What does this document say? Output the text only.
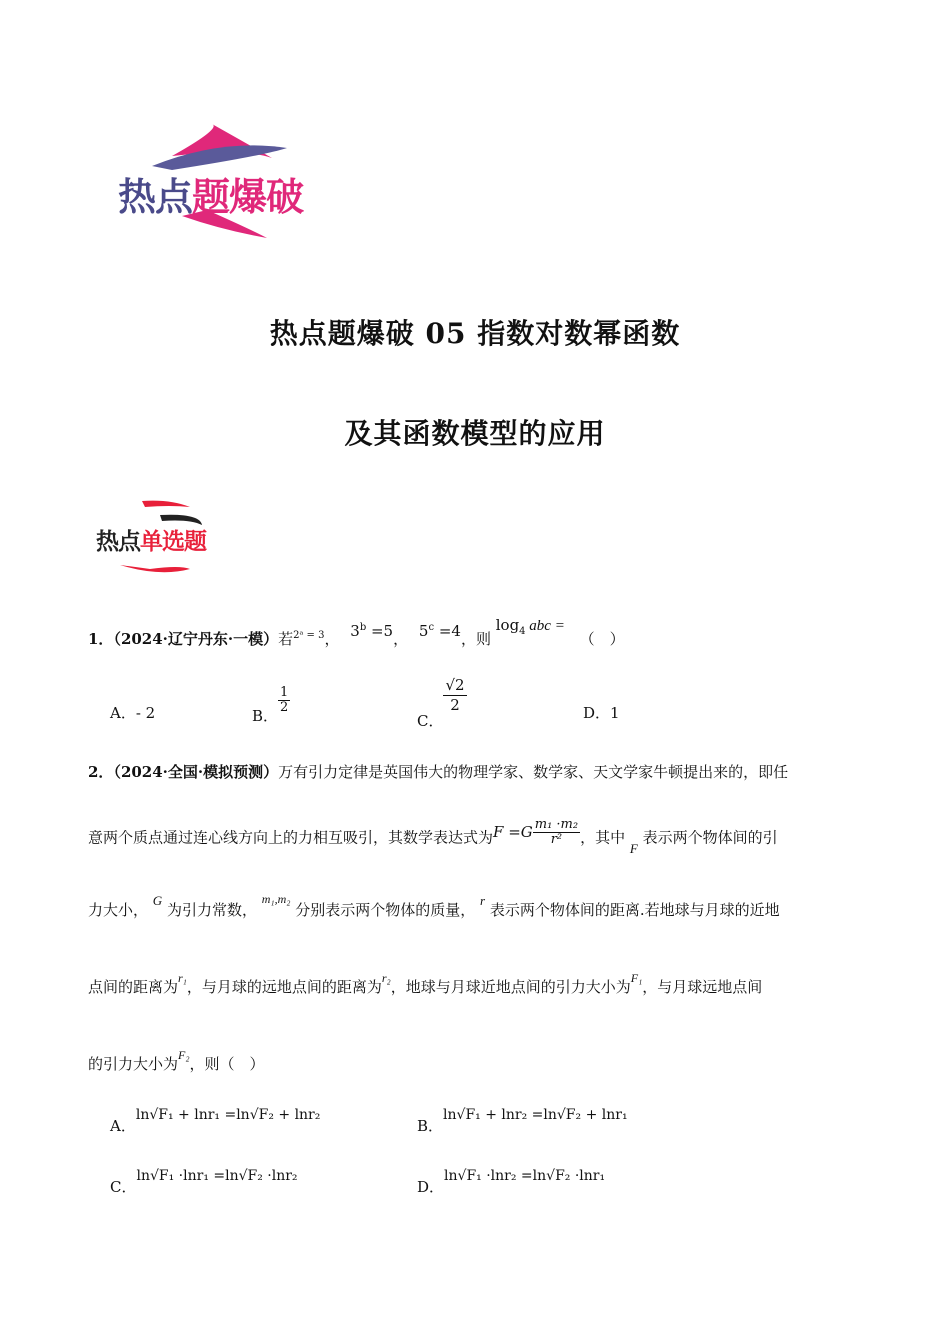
热点题爆破
热点题爆破 05 指数对数幂函数
及其函数模型的应用
热点单选题
1．（2024·辽宁丹东·一模）若$^{2ᵃ = 3}$， $3^b =5$， $5^c =4$，则 $\log_4$ abc = （　）
A．- 2	B．
$\frac{1}{2}$
C．
$\frac{√2}{2}$	D．1
2．（2024·全国·模拟预测）万有引力定律是英国伟大的物理学家、数学家、天文学家牛顿提出来的，即任
意两个质点通过连心线方向上的力相互吸引，其数学表达式为$F =G \frac{\text{m₁ ·m₂}}{\text{r²}}$ ，其中 F 表示两个物体间的引
力大小， G 为引力常数， $^{m_1,m_2}$ 分别表示两个物体的质量， r 表示两个物体间的距离.若地球与月球的近地
点间的距离为$^{r_1}$，与月球的远地点间的距离为$^{r_2}$，地球与月球近地点间的引力大小为$^{F_1}$，与月球远地点间
的引力大小为$^{F_2}$，则（　）
A．ln√F₁ + lnr₁ =ln√F₂ + lnr₂
B．ln√F₁ + lnr₂ =ln√F₂ + lnr₁
C．ln√F₁ ·lnr₁ =ln√F₂ ·lnr₂
D．ln√F₁ ·lnr₂ =ln√F₂ ·lnr₁
